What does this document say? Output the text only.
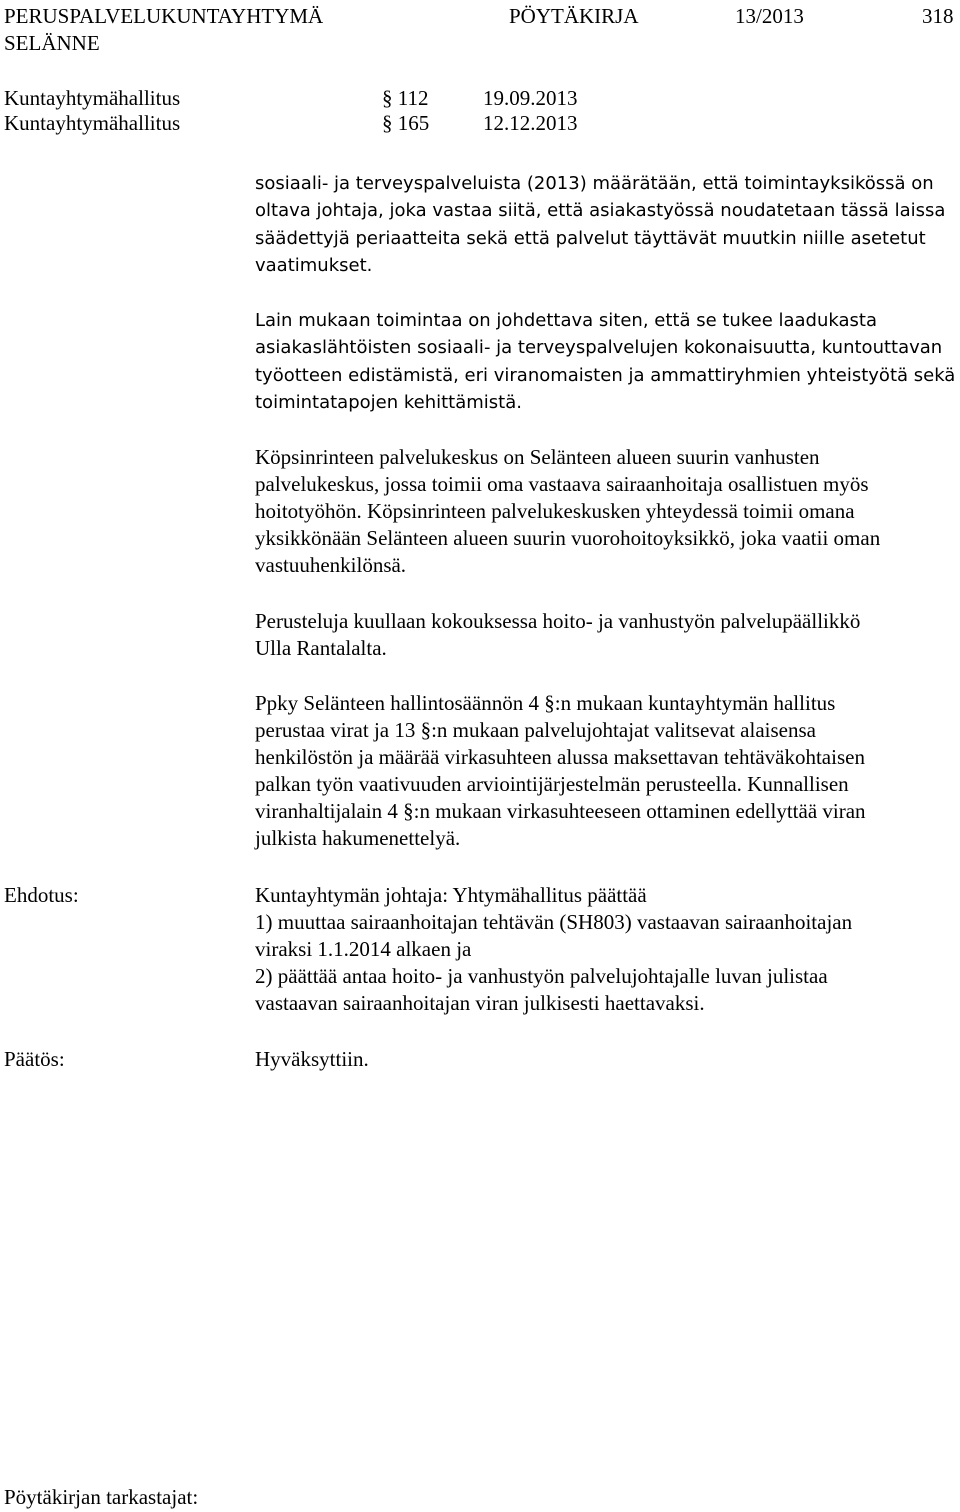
PERUSPALVELUKUNTAYHTYMÄ
SELÄNNE
PÖYTÄKIRJA	13/2013	318
Kuntayhtymähallitus	§ 112	19.09.2013
Kuntayhtymähallitus	§ 165	12.12.2013
sosiaali- ja terveyspalveluista (2013) määrätään, että toimintayksikössä on
oltava johtaja, joka vastaa siitä, että asiakastyössä noudatetaan tässä laissa
säädettyjä periaatteita sekä että palvelut täyttävät muutkin niille asetetut
vaatimukset.
Lain mukaan toimintaa on johdettava siten, että se tukee laadukasta
asiakaslähtöisten sosiaali- ja terveyspalvelujen kokonaisuutta, kuntouttavan
työotteen edistämistä, eri viranomaisten ja ammattiryhmien yhteistyötä sekä
toimintatapojen kehittämistä.
Köpsinrinteen palvelukeskus on Selänteen alueen suurin vanhusten
palvelukeskus, jossa toimii oma vastaava sairaanhoitaja osallistuen myös
hoitotyöhön. Köpsinrinteen palvelukeskusken yhteydessä toimii omana
yksikkönään Selänteen alueen suurin vuorohoitoyksikkö, joka vaatii oman
vastuuhenkilönsä.
Perusteluja kuullaan kokouksessa hoito- ja vanhustyön palvelupäällikkö
Ulla Rantalalta.
Ppky Selänteen hallintosäännön 4 §:n mukaan kuntayhtymän hallitus
perustaa virat ja 13 §:n mukaan palvelujohtajat valitsevat alaisensa
henkilöstön ja määrää virkasuhteen alussa maksettavan tehtäväkohtaisen
palkan työn vaativuuden arviointijärjestelmän perusteella. Kunnallisen
viranhaltijalain 4 §:n mukaan virkasuhteeseen ottaminen edellyttää viran
julkista hakumenettelyä.
Ehdotus:	Kuntayhtymän johtaja: Yhtymähallitus päättää
1) muuttaa sairaanhoitajan tehtävän (SH803) vastaavan sairaanhoitajan
viraksi 1.1.2014 alkaen ja
2) päättää antaa hoito- ja vanhustyön palvelujohtajalle luvan julistaa
vastaavan sairaanhoitajan viran julkisesti haettavaksi.
Päätös:	Hyväksyttiin.
Pöytäkirjan tarkastajat:
